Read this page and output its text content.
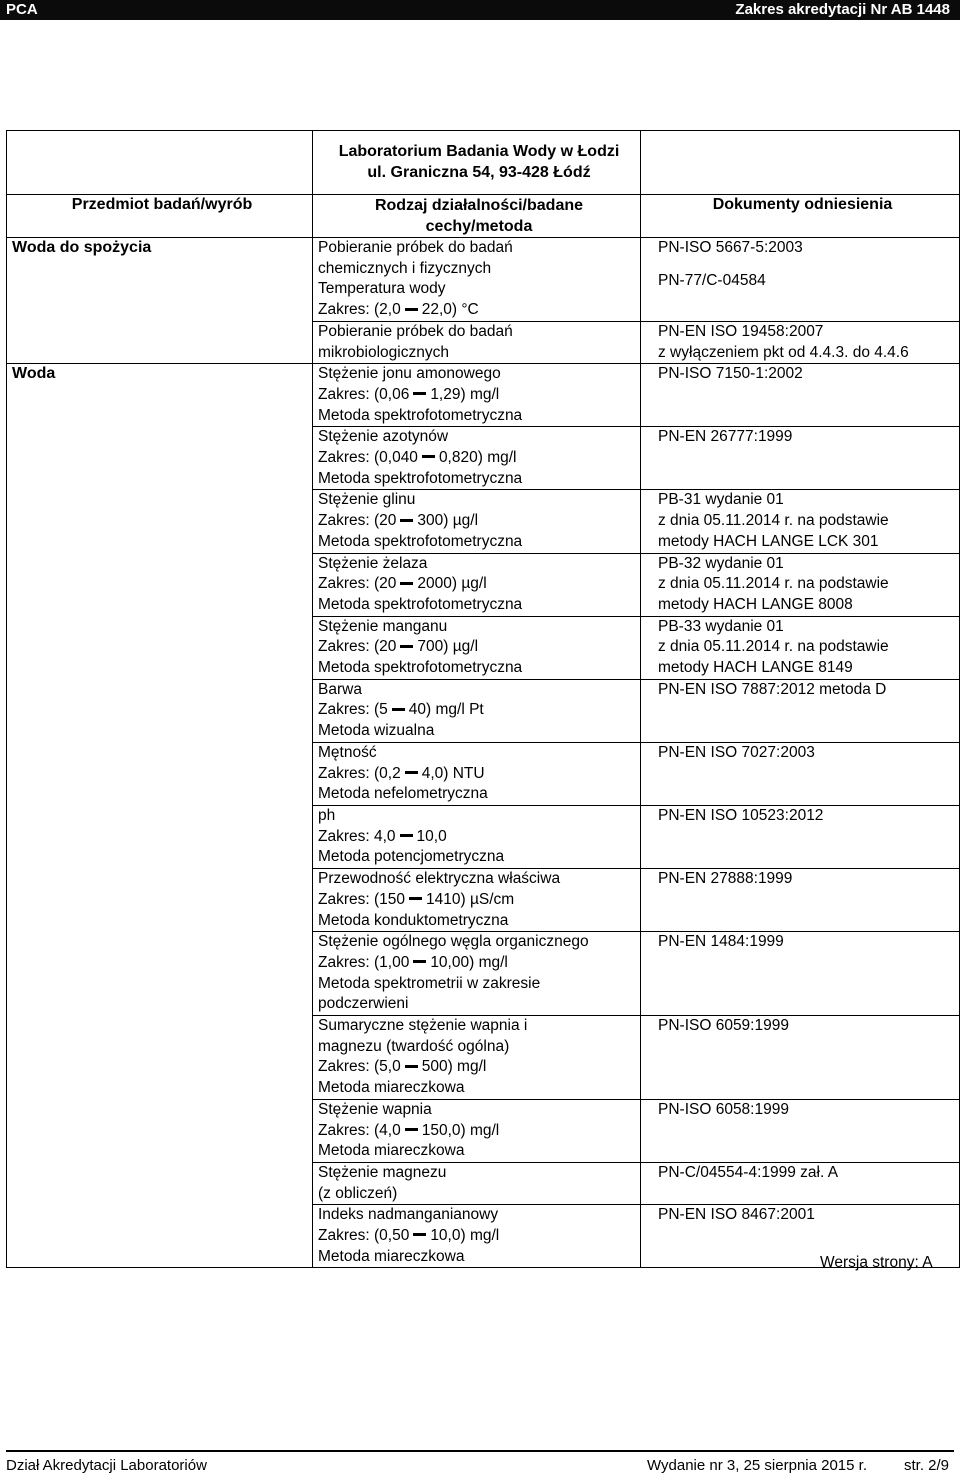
PCA	Zakres akredytacji Nr AB 1448

	Laboratorium Badania Wody w Łodzi
ul. Graniczna 54, 93-428 Łódź	

Przedmiot badań/wyrób	Rodzaj działalności/badane
cechy/metoda	Dokumenty odniesienia
Woda do spożycia	Pobieranie próbek do badań
chemicznych i fizycznych
Temperatura wody
Zakres: (2,0 22,0) °C	PN-ISO 5667-5:2003
PN-77/C-04584

	Pobieranie próbek do badań
mikrobiologicznych	PN-EN ISO 19458:2007
z wyłączeniem pkt od 4.4.3. do 4.4.6

Woda	Stężenie jonu amonowego
Zakres: (0,06 1,29) mg/l
Metoda spektrofotometryczna	PN-ISO 7150-1:2002

	Stężenie azotynów
Zakres: (0,040 0,820) mg/l
Metoda spektrofotometryczna	PN-EN 26777:1999

	Stężenie glinu
Zakres: (20 300) µg/l
Metoda spektrofotometryczna	PB-31 wydanie 01
z dnia 05.11.2014 r. na podstawie
metody HACH LANGE LCK 301

	Stężenie żelaza
Zakres: (20 2000) µg/l
Metoda spektrofotometryczna	PB-32 wydanie 01
z dnia 05.11.2014 r. na podstawie
metody HACH LANGE 8008

	Stężenie manganu
Zakres: (20 700) µg/l
Metoda spektrofotometryczna	PB-33 wydanie 01
z dnia 05.11.2014 r. na podstawie
metody HACH LANGE 8149

	Barwa
Zakres: (5 40) mg/l Pt
Metoda wizualna	PN-EN ISO 7887:2012 metoda D

	Mętność
Zakres: (0,2 4,0) NTU
Metoda nefelometryczna	PN-EN ISO 7027:2003

	ph
Zakres: 4,0 10,0
Metoda potencjometryczna	PN-EN ISO 10523:2012

	Przewodność elektryczna właściwa
Zakres: (150 1410) µS/cm
Metoda konduktometryczna	PN-EN 27888:1999

	Stężenie ogólnego węgla organicznego
Zakres: (1,00 10,00) mg/l
Metoda spektrometrii w zakresie
podczerwieni	PN-EN 1484:1999

	Sumaryczne stężenie wapnia i
magnezu (twardość ogólna)
Zakres: (5,0 500) mg/l
Metoda miareczkowa	PN-ISO 6059:1999

	Stężenie wapnia
Zakres: (4,0 150,0) mg/l
Metoda miareczkowa	PN-ISO 6058:1999

	Stężenie magnezu
(z obliczeń)	PN-C/04554-4:1999 zał. A

	Indeks nadmanganianowy
Zakres: (0,50 10,0) mg/l
Metoda miareczkowa	PN-EN ISO 8467:2001
Wersja strony: A
Dział Akredytacji Laboratoriów	Wydanie nr 3, 25 sierpnia 2015 r. str. 2/9
